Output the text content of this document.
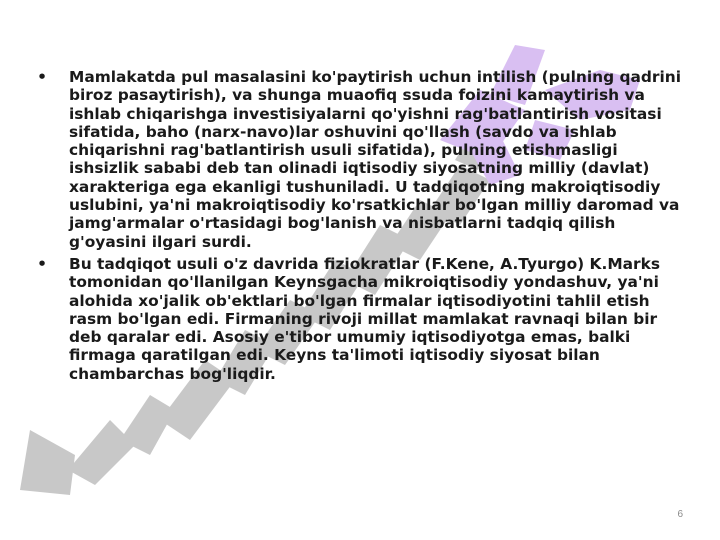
• Mamlakatda pul masalasini ko'paytirish uchun intilish (pulning qadrini biroz pasaytirish), va shunga muaofiq ssuda foizini kamaytirish va ishlab chiqarishga investisiyalarni qo'yishni rag'batlantirish vositasi sifatida, baho (narx-navo)lar oshuvini qo'llash (savdo va ishlab chiqarishni rag'batlantirish usuli sifatida), pulning etishmasligi ishsizlik sababi deb tan olinadi iqtisodiy siyosatning milliy (davlat) xarakteriga ega ekanligi tushuniladi. U tadqiqotning makroiqtisodiy uslubini, ya'ni makroiqtisodiy ko'rsatkichlar bo'lgan milliy daromad va jamg'armalar o'rtasidagi bog'lanish va nisbatlarni tadqiq qilish g'oyasini ilgari surdi.
• Bu tadqiqot usuli o'z davrida fiziokratlar (F.Kene, A.Tyurgo) K.Marks tomonidan qo'llanilgan Keynsgacha mikroiqtisodiy yondashuv, ya'ni alohida xo'jalik ob'ektlari bo'lgan firmalar iqtisodiyotini tahlil etish rasm bo'lgan edi. Firmaning rivoji millat mamlakat ravnaqi bilan bir deb qaralar edi. Asosiy e'tibor umumiy iqtisodiyotga emas, balki firmaga qaratilgan edi. Keyns ta'limoti iqtisodiy siyosat bilan chambarchas bog'liqdir.
6
